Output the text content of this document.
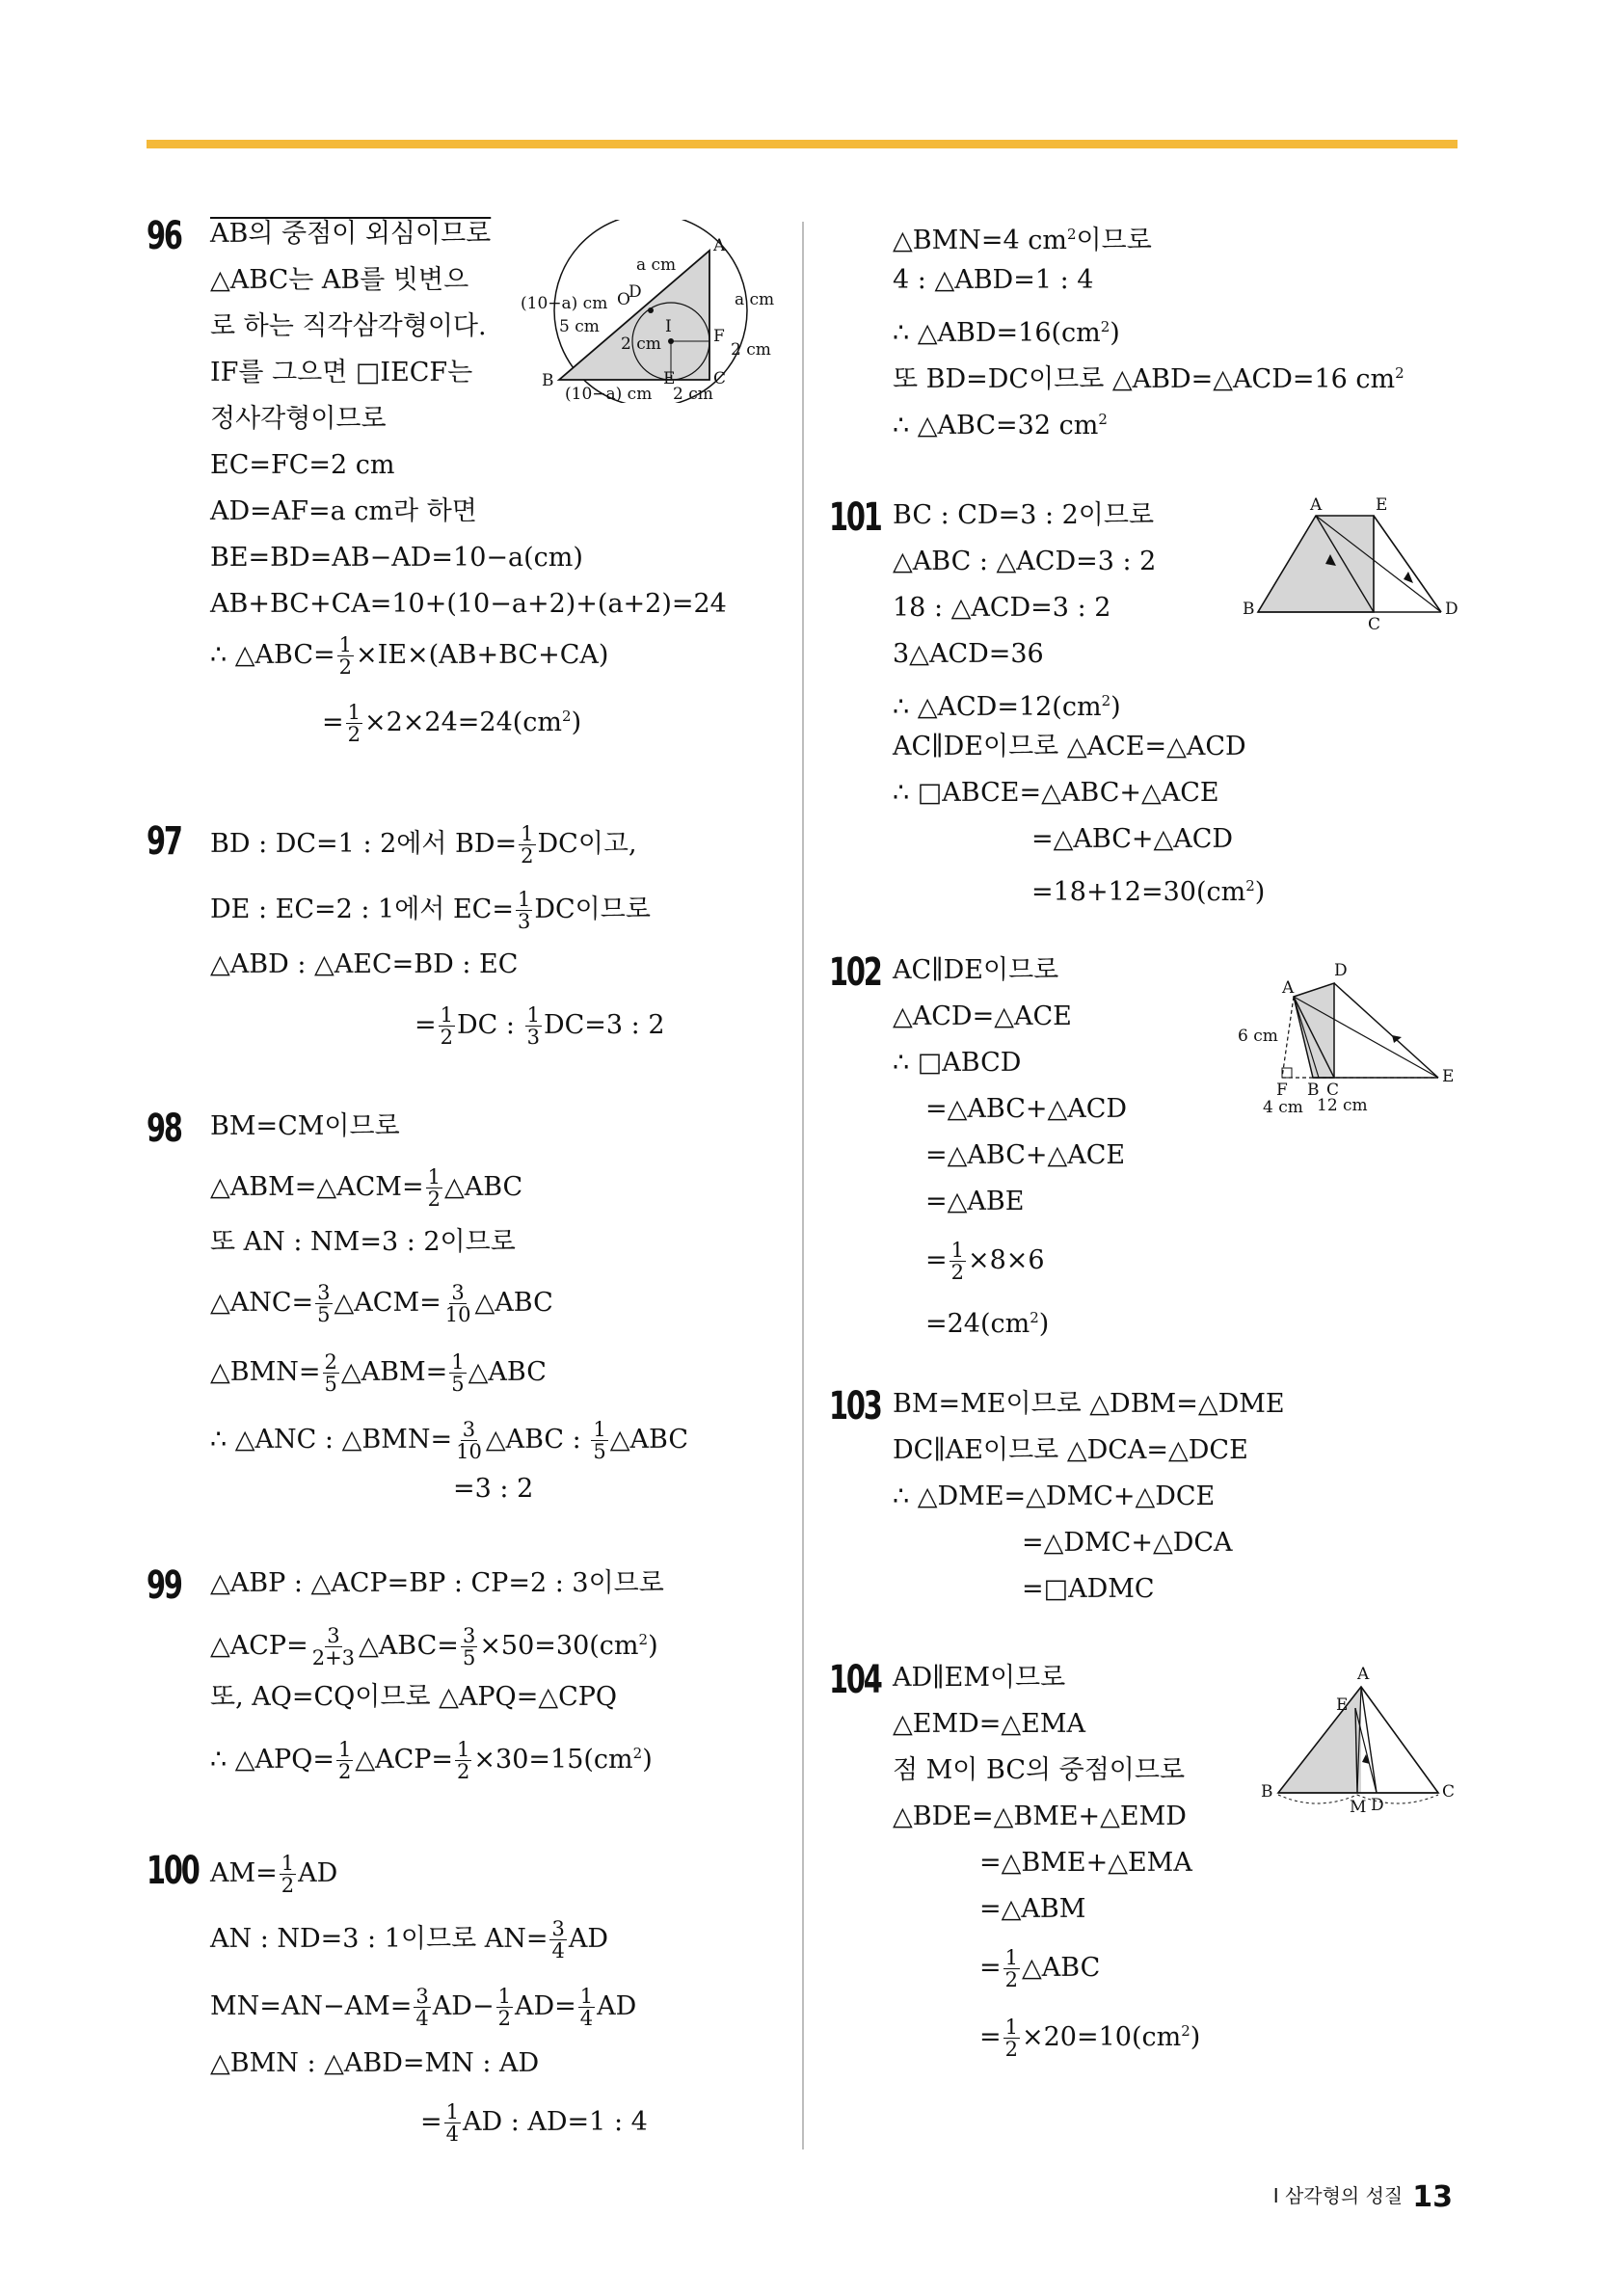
96 AB의 중점이 외심이므로
△ABC는 AB를 빗변으
로 하는 직각삼각형이다.
IF를 그으면 □IECF는
정사각형이므로
EC=FC=2 cm
AD=AF=a cm라 하면
BE=BD=AB−AD=10−a(cm)
AB+BC+CA=10+(10−a+2)+(a+2)=24
∴ △ABC= $\frac{1}{2} \times IE\times(AB+BC+CA)$
= $\frac{1}{2} \times 2\times 24=24(cm^2)$
B
A
C
D
E
F
I
O
a cm
a cm
(10−a) cm
5 cm
2 cm	2 cm
(10−a) cm 2 cm
97 BD : DC=1 : 2에서 $BD= \frac{1}{2}$ DC이고,
DE : EC=2 : 1에서 $EC= \frac{1}{3}$ DC이므로
△ABD : △AEC=BD : EC
= $\frac{1}{2}$ DC : $\frac{1}{3} DC=3$ : 2
98 BM=CM이므로
△ABM=△ACM= $\frac{1}{2}$ △ABC
또 AN : NM=3 : 2이므로
△ANC= $\frac{3}{5}$ △ACM= $\frac{3}{10}$ △ABC
△BMN= $\frac{2}{5}$ △ABM= $\frac{1}{5}$ △ABC
∴ △ANC : △BMN= $\frac{3}{10}$ △ABC : $\frac{1}{5}$ △ABC
=3 : 2
99 △ABP : △ACP=BP : CP=2 : 3이므로
△ACP= $\frac{3}{2+3}$ △ABC= $\frac{3}{5} \times 50=30(cm^2)$
또, AQ=CQ이므로 △APQ=△CPQ
∴ △APQ= $\frac{1}{2}$ △ACP= $\frac{1}{2} \times 30=15(cm^2)$
100 $AM= \frac{1}{2}$ AD
AN : ND=3 : 1이므로 $AN= \frac{3}{4}$ AD
$MN=AN-AM= \frac{3}{4} AD- \frac{1}{2} AD= \frac{1}{4}$ AD
△BMN : △ABD=MN : AD
= $\frac{1}{4}$ AD : AD=1 : 4
△BMN=4 $cm^2$이므로
4 : △ABD=1 : 4
∴ $\triangle ABD=16(cm^2)$
또 BD=DC이므로 △ABD=△ACD=16 $cm^2$
∴ △ABC=32 $cm^2$
101 BC : CD=3 : 2이므로
△ABC : △ACD=3 : 2
18 : △ACD=3 : 2
3△ACD=36
∴ $\triangle ACD=12(cm^2)$
AC∥DE이므로 △ACE=△ACD
∴ □ABCE=△ABC+△ACE
=△ABC+△ACD
$=18+12=30(cm^2)$
A	E
B
C
D
102 AC∥DE이므로
△ACD=△ACE
∴ □ABCD
=△ABC+△ACD
=△ABC+△ACE
=△ABE
= $\frac{1}{2} \times 8\times 6$
$=24(cm^2)$
A
D
E
F B C
6 cm
4 cm 12 cm
103 BM=ME이므로 △DBM=△DME
DC∥AE이므로 △DCA=△DCE
∴ △DME=△DMC+△DCE
=△DMC+△DCA
=□ADMC
104 AD∥EM이므로
△EMD=△EMA
점 M이 BC의 중점이므로
△BDE=△BME+△EMD
=△BME+△EMA
=△ABM
= $\frac{1}{2}$ △ABC
= $\frac{1}{2} \times 20=10(cm^2)$
A
E
B	C
M D
Ⅰ 삼각형의 성질 13
